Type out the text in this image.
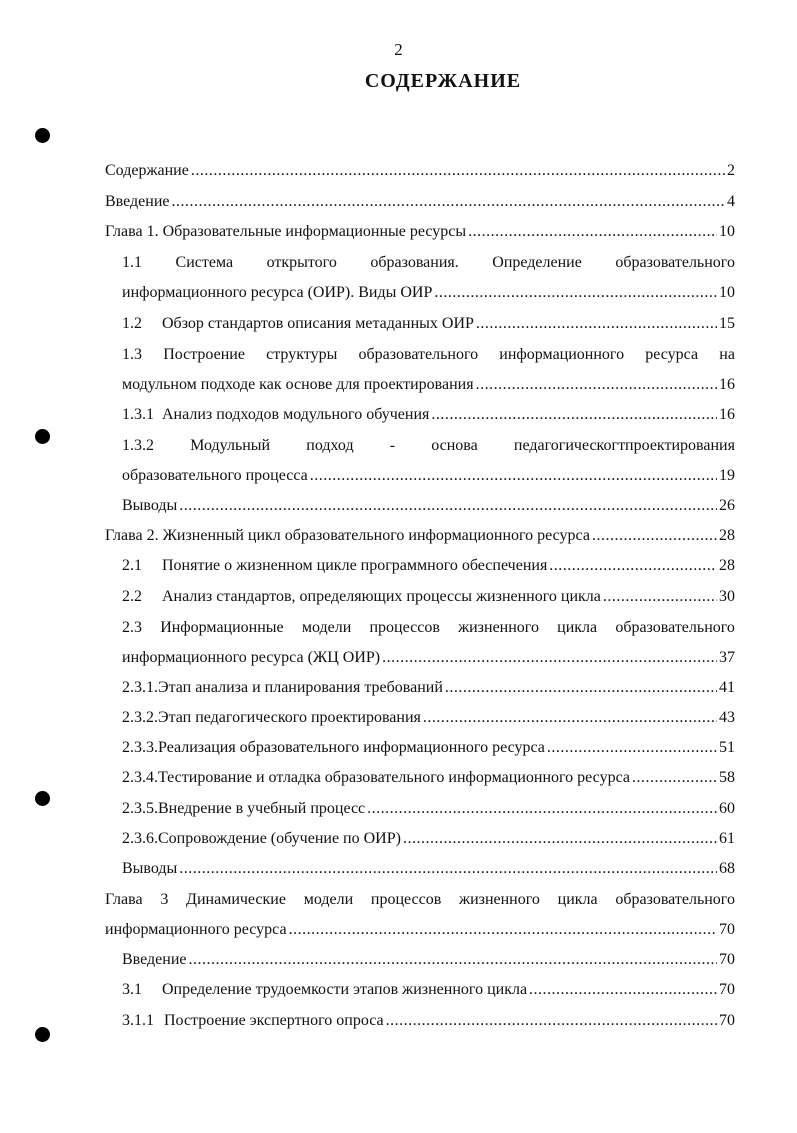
2
СОДЕРЖАНИЕ
Содержание .....	2
Введение .....	4
Глава 1. Образовательные информационные ресурсы .....	10
1.1 Система открытого образования. Определение образовательного
информационного ресурса (ОИР). Виды ОИР .....	10
1.2	Обзор стандартов описания метаданных ОИР .....	15
1.3 Построение структуры образовательного информационного ресурса на
модульном подходе как основе для проектирования .....	16
1.3.1 Анализ подходов модульного обучения .....	16
1.3.2 Модульный подход - основа педагогическогтпроектирования
образовательного процесса .....	19
Выводы .....	26
Глава 2. Жизненный цикл образовательного информационного ресурса .....	28
2.1	Понятие о жизненном цикле программного обеспечения .....	28
2.2	Анализ стандартов, определяющих процессы жизненного цикла .....	30
2.3 Информационные модели процессов жизненного цикла образовательного
информационного ресурса (ЖЦ ОИР) .....	37
2.3.1. Этап анализа и планирования требований .....	41
2.3.2. Этап педагогического проектирования .....	43
2.3.3. Реализация образовательного информационного ресурса .....	51
2.3.4. Тестирование и отладка образовательного информационного ресурса .....	58
2.3.5. Внедрение в учебный процесс .....	60
2.3.6. Сопровождение (обучение по ОИР) .....	61
Выводы .....	68
Глава 3 Динамические модели процессов жизненного цикла образовательного
информационного ресурса .....	70
Введение .....	70
3.1	Определение трудоемкости этапов жизненного цикла .....	70
3.1.1 Построение экспертного опроса .....	70
